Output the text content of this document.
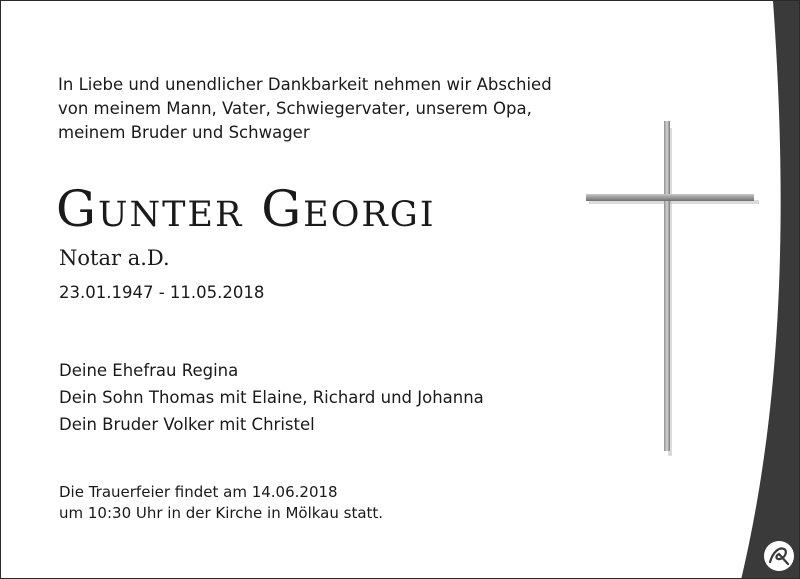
In Liebe und unendlicher Dankbarkeit nehmen wir Abschied
von meinem Mann, Vater, Schwiegervater, unserem Opa,
meinem Bruder und Schwager
Gunter Georgi
Notar a.D.
23.01.1947 - 11.05.2018
Deine Ehefrau Regina
Dein Sohn Thomas mit Elaine, Richard und Johanna
Dein Bruder Volker mit Christel
Die Trauerfeier findet am 14.06.2018
um 10:30 Uhr in der Kirche in Mölkau statt.
